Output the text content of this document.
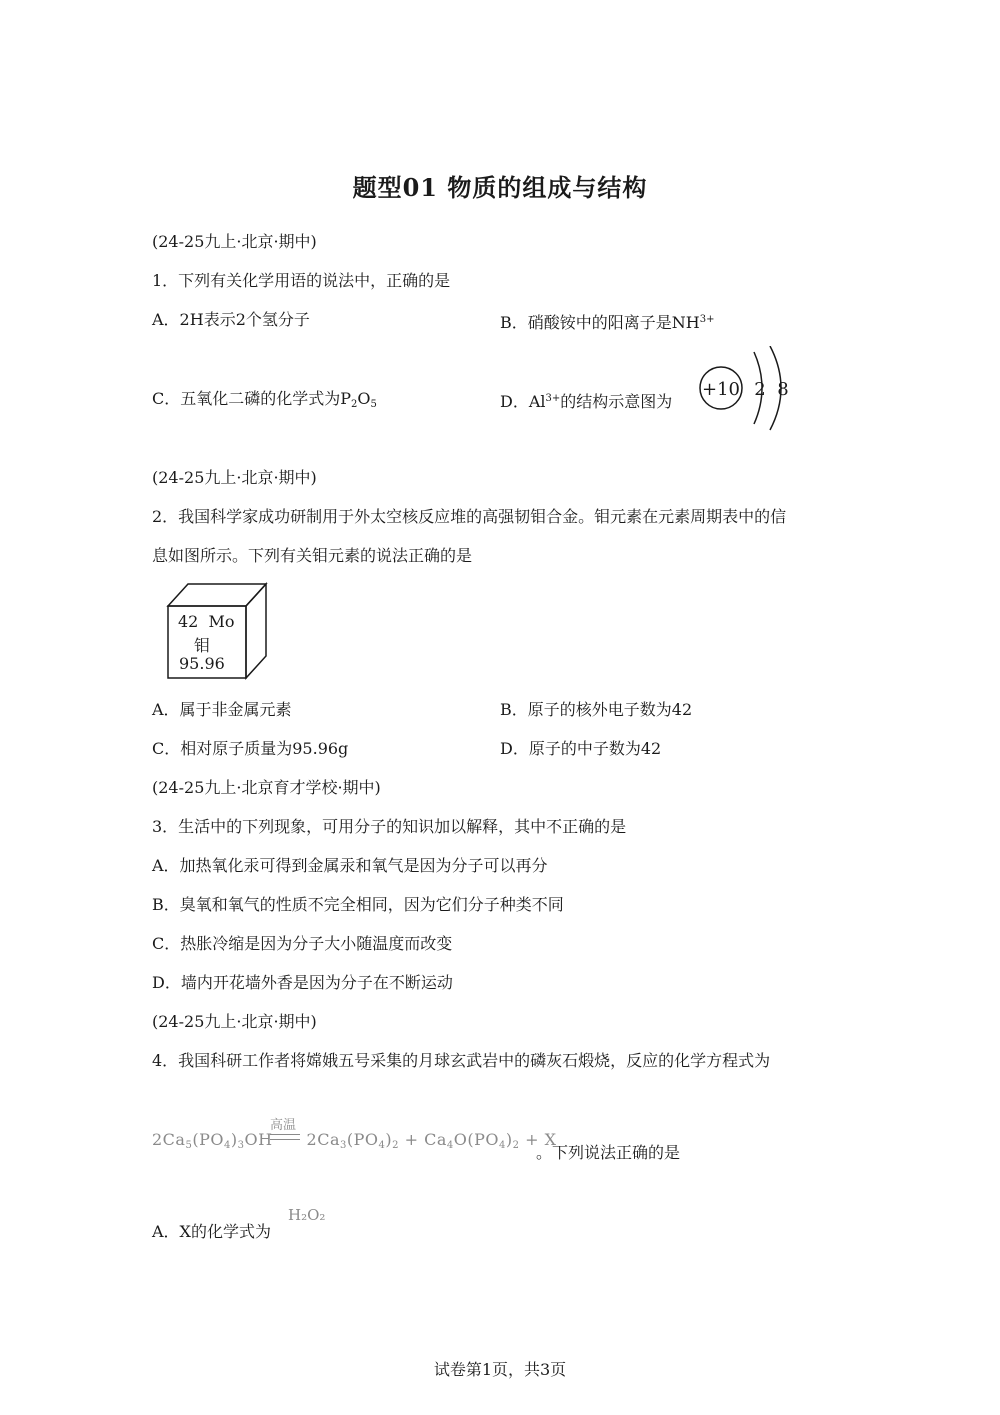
题型01 物质的组成与结构
(24-25九上·北京·期中)
1．下列有关化学用语的说法中，正确的是
A．2H表示2个氢分子	B．硝酸铵中的阳离子是$NH^{3+}$
C．五氧化二磷的化学式为$P_2O_5$	D．$Al^{3+}$的结构示意图为
+10 2 8
(24-25九上·北京·期中)
2．我国科学家成功研制用于外太空核反应堆的高强韧钼合金。钼元素在元素周期表中的信
息如图所示。下列有关钼元素的说法正确的是
42 Mo
钼
95.96
A．属于非金属元素	B．原子的核外电子数为42
C．相对原子质量为95.96g	D．原子的中子数为42
(24-25九上·北京育才学校·期中)
3．生活中的下列现象，可用分子的知识加以解释，其中不正确的是
A．加热氧化汞可得到金属汞和氧气是因为分子可以再分
B．臭氧和氧气的性质不完全相同，因为它们分子种类不同
C．热胀冷缩是因为分子大小随温度而改变
D．墙内开花墙外香是因为分子在不断运动
(24-25九上·北京·期中)
4．我国科研工作者将嫦娥五号采集的月球玄武岩中的磷灰石煅烧，反应的化学方程式为
高温
$2Ca_5(PO_4)_3OH$ $2Ca_3(PO_4)_2 + Ca_4O(PO_4)_2 + X$
。下列说法正确的是
A．X的化学式为
H₂O₂
试卷第1页，共3页
